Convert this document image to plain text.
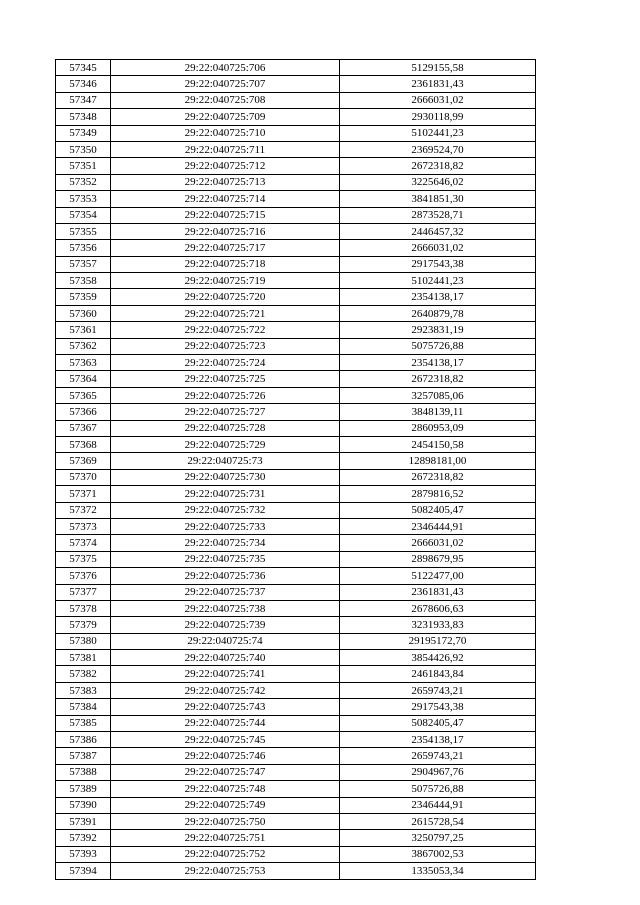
57345	29:22:040725:706	5129155,58
57346	29:22:040725:707	2361831,43
57347	29:22:040725:708	2666031,02
57348	29:22:040725:709	2930118,99
57349	29:22:040725:710	5102441,23
57350	29:22:040725:711	2369524,70
57351	29:22:040725:712	2672318,82
57352	29:22:040725:713	3225646,02
57353	29:22:040725:714	3841851,30
57354	29:22:040725:715	2873528,71
57355	29:22:040725:716	2446457,32
57356	29:22:040725:717	2666031,02
57357	29:22:040725:718	2917543,38
57358	29:22:040725:719	5102441,23
57359	29:22:040725:720	2354138,17
57360	29:22:040725:721	2640879,78
57361	29:22:040725:722	2923831,19
57362	29:22:040725:723	5075726,88
57363	29:22:040725:724	2354138,17
57364	29:22:040725:725	2672318,82
57365	29:22:040725:726	3257085,06
57366	29:22:040725:727	3848139,11
57367	29:22:040725:728	2860953,09
57368	29:22:040725:729	2454150,58
57369	29:22:040725:73	12898181,00
57370	29:22:040725:730	2672318,82
57371	29:22:040725:731	2879816,52
57372	29:22:040725:732	5082405,47
57373	29:22:040725:733	2346444,91
57374	29:22:040725:734	2666031,02
57375	29:22:040725:735	2898679,95
57376	29:22:040725:736	5122477,00
57377	29:22:040725:737	2361831,43
57378	29:22:040725:738	2678606,63
57379	29:22:040725:739	3231933,83
57380	29:22:040725:74	29195172,70
57381	29:22:040725:740	3854426,92
57382	29:22:040725:741	2461843,84
57383	29:22:040725:742	2659743,21
57384	29:22:040725:743	2917543,38
57385	29:22:040725:744	5082405,47
57386	29:22:040725:745	2354138,17
57387	29:22:040725:746	2659743,21
57388	29:22:040725:747	2904967,76
57389	29:22:040725:748	5075726,88
57390	29:22:040725:749	2346444,91
57391	29:22:040725:750	2615728,54
57392	29:22:040725:751	3250797,25
57393	29:22:040725:752	3867002,53
57394	29:22:040725:753	1335053,34
